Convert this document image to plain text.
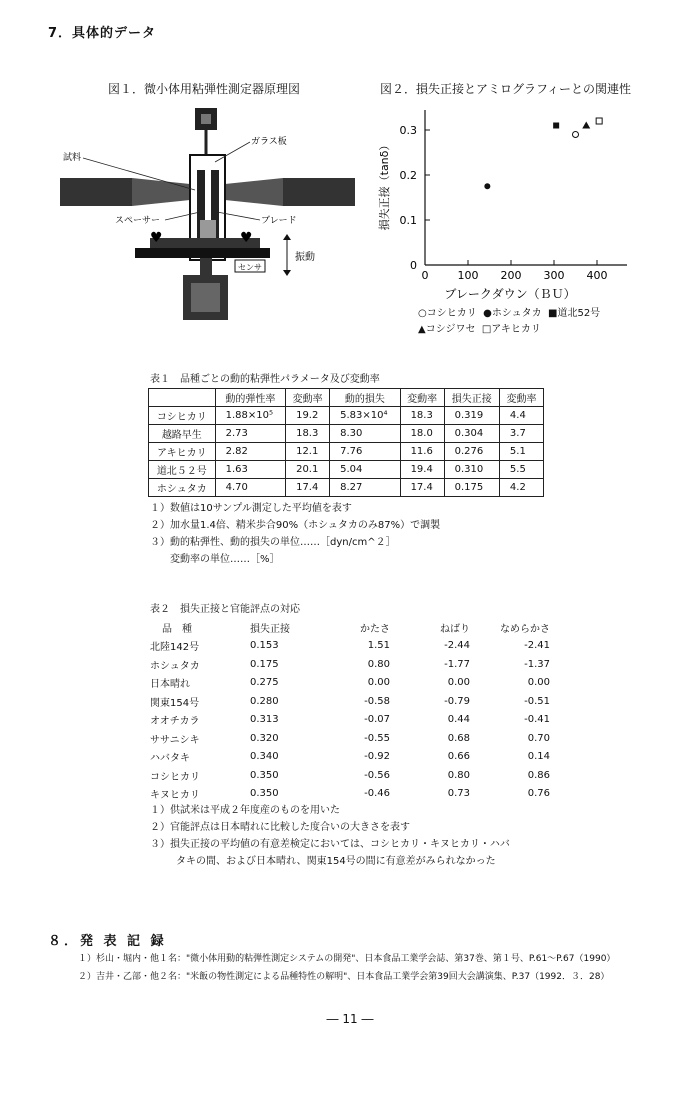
7．具体的データ
図１．微小体用粘弾性測定器原理図
♥	♥
センサ
試料
ガラス板
スペーサー	ブレード
振動
図２．損失正接とアミログラフィーとの関連性
0	100 200 300 400
0
0.1
0.2
0.3
損失正接（tanδ）
ブレークダウン（ＢＵ）
○コシヒカリ ●ホシュタカ ■道北52号
▲コシジワセ □アキヒカリ
表１　品種ごとの動的粘弾性パラメータ及び変動率
	動的弾性率	変動率	動的損失	変動率	損失正接	変動率
コシヒカリ	1.88×10⁵	19.2	5.83×10⁴	18.3	0.319	4.4
越路早生	2.73	18.3	8.30	18.0	0.304	3.7
アキヒカリ	2.82	12.1	7.76	11.6	0.276	5.1
道北５２号	1.63	20.1	5.04	19.4	0.310	5.5
ホシュタカ	4.70	17.4	8.27	17.4	0.175	4.2
１）数値は10サンプル測定した平均値を表す
２）加水量1.4倍、精米歩合90%（ホシュタカのみ87%）で調製
３）動的粘弾性、動的損失の単位……［dyn/cm^２］
変動率の単位……［%］
表２　損失正接と官能評点の対応
品　種	損失正接	かたさ	ねばり	なめらかさ
北陸142号	0.153	1.51	-2.44	-2.41
ホシュタカ	0.175	0.80	-1.77	-1.37
日本晴れ	0.275	0.00	0.00	0.00
関東154号	0.280	-0.58	-0.79	-0.51
オオチカラ	0.313	-0.07	0.44	-0.41
ササニシキ	0.320	-0.55	0.68	0.70
ハバタキ	0.340	-0.92	0.66	0.14
コシヒカリ	0.350	-0.56	0.80	0.86
キヌヒカリ	0.350	-0.46	0.73	0.76
１）供試米は平成２年度産のものを用いた
２）官能評点は日本晴れに比較した度合いの大きさを表す
３）損失正接の平均値の有意差検定においては、コシヒカリ・キヌヒカリ・ハバ
タキの間、および日本晴れ、関東154号の間に有意差がみられなかった
８．発 表 記 録
１）杉山・堀内・他１名："微小体用動的粘弾性測定システムの開発"、日本食品工業学会誌、第37巻、第１号、P.61～P.67（1990）
２）吉井・乙部・他２名："米飯の物性測定による品種特性の解明"、日本食品工業学会第39回大会講演集、P.37（1992．３．28）
― 11 ―
